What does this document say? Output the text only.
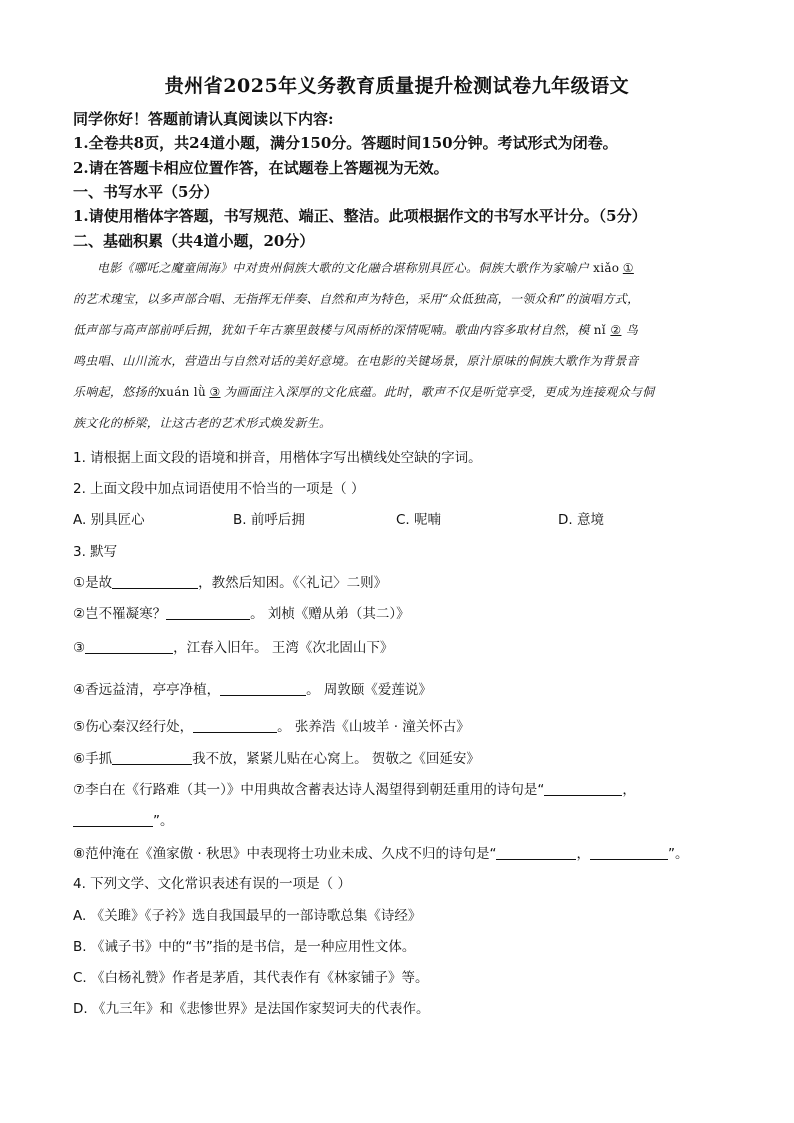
贵州省2025年义务教育质量提升检测试卷九年级语文
同学你好！答题前请认真阅读以下内容:
1.全卷共8页，共24道小题，满分150分。答题时间150分钟。考试形式为闭卷。
2.请在答题卡相应位置作答，在试题卷上答题视为无效。
一、书写水平（5分）
1.请使用楷体字答题，书写规范、端正、整洁。此项根据作文的书写水平计分。（5分）
二、基础积累（共4道小题，20分）
电影《哪吒之魔童闹海》中对贵州侗族大歌的文化融合堪称别具匠心。侗族大歌作为家喻户 xiǎo ①
的艺术瑰宝，以多声部合唱、无指挥无伴奏、自然和声为特色，采用“众低独高，一领众和”的演唱方式，
低声部与高声部前呼后拥，犹如千年古寨里鼓楼与风雨桥的深情呢喃。歌曲内容多取材自然，模 nǐ ② 鸟
鸣虫唱、山川流水，营造出与自然对话的美好意境。在电影的关键场景，原汁原味的侗族大歌作为背景音
乐响起，悠扬的xuán lǜ ③ 为画面注入深厚的文化底蕴。此时，歌声不仅是听觉享受，更成为连接观众与侗
族文化的桥梁，让这古老的艺术形式焕发新生。
1. 请根据上面文段的语境和拼音，用楷体字写出横线处空缺的字词。
2. 上面文段中加点词语使用不恰当的一项是（ ）
A. 别具匠心	B. 前呼后拥	C. 呢喃	D. 意境
3. 默写
①是故	，教然后知困。《〈礼记〉二则》
②岂不罹凝寒？	。 刘桢《赠从弟（其二）》
③	，江春入旧年。 王湾《次北固山下》
④香远益清，亭亭净植，	。 周敦颐《爱莲说》
⑤伤心秦汉经行处，	。 张养浩《山坡羊 · 潼关怀古》
⑥手抓	我不放，紧紧儿贴在心窝上。 贺敬之《回延安》
⑦李白在《行路难（其一）》中用典故含蓄表达诗人渴望得到朝廷重用的诗句是“	，
”。
⑧范仲淹在《渔家傲 · 秋思》中表现将士功业未成、久戍不归的诗句是“	，	”。
4. 下列文学、文化常识表述有误的一项是（ ）
A. 《关雎》《子衿》选自我国最早的一部诗歌总集《诗经》
B. 《诫子书》中的“书”指的是书信，是一种应用性文体。
C. 《白杨礼赞》作者是茅盾，其代表作有《林家铺子》等。
D. 《九三年》和《悲惨世界》是法国作家契诃夫的代表作。
